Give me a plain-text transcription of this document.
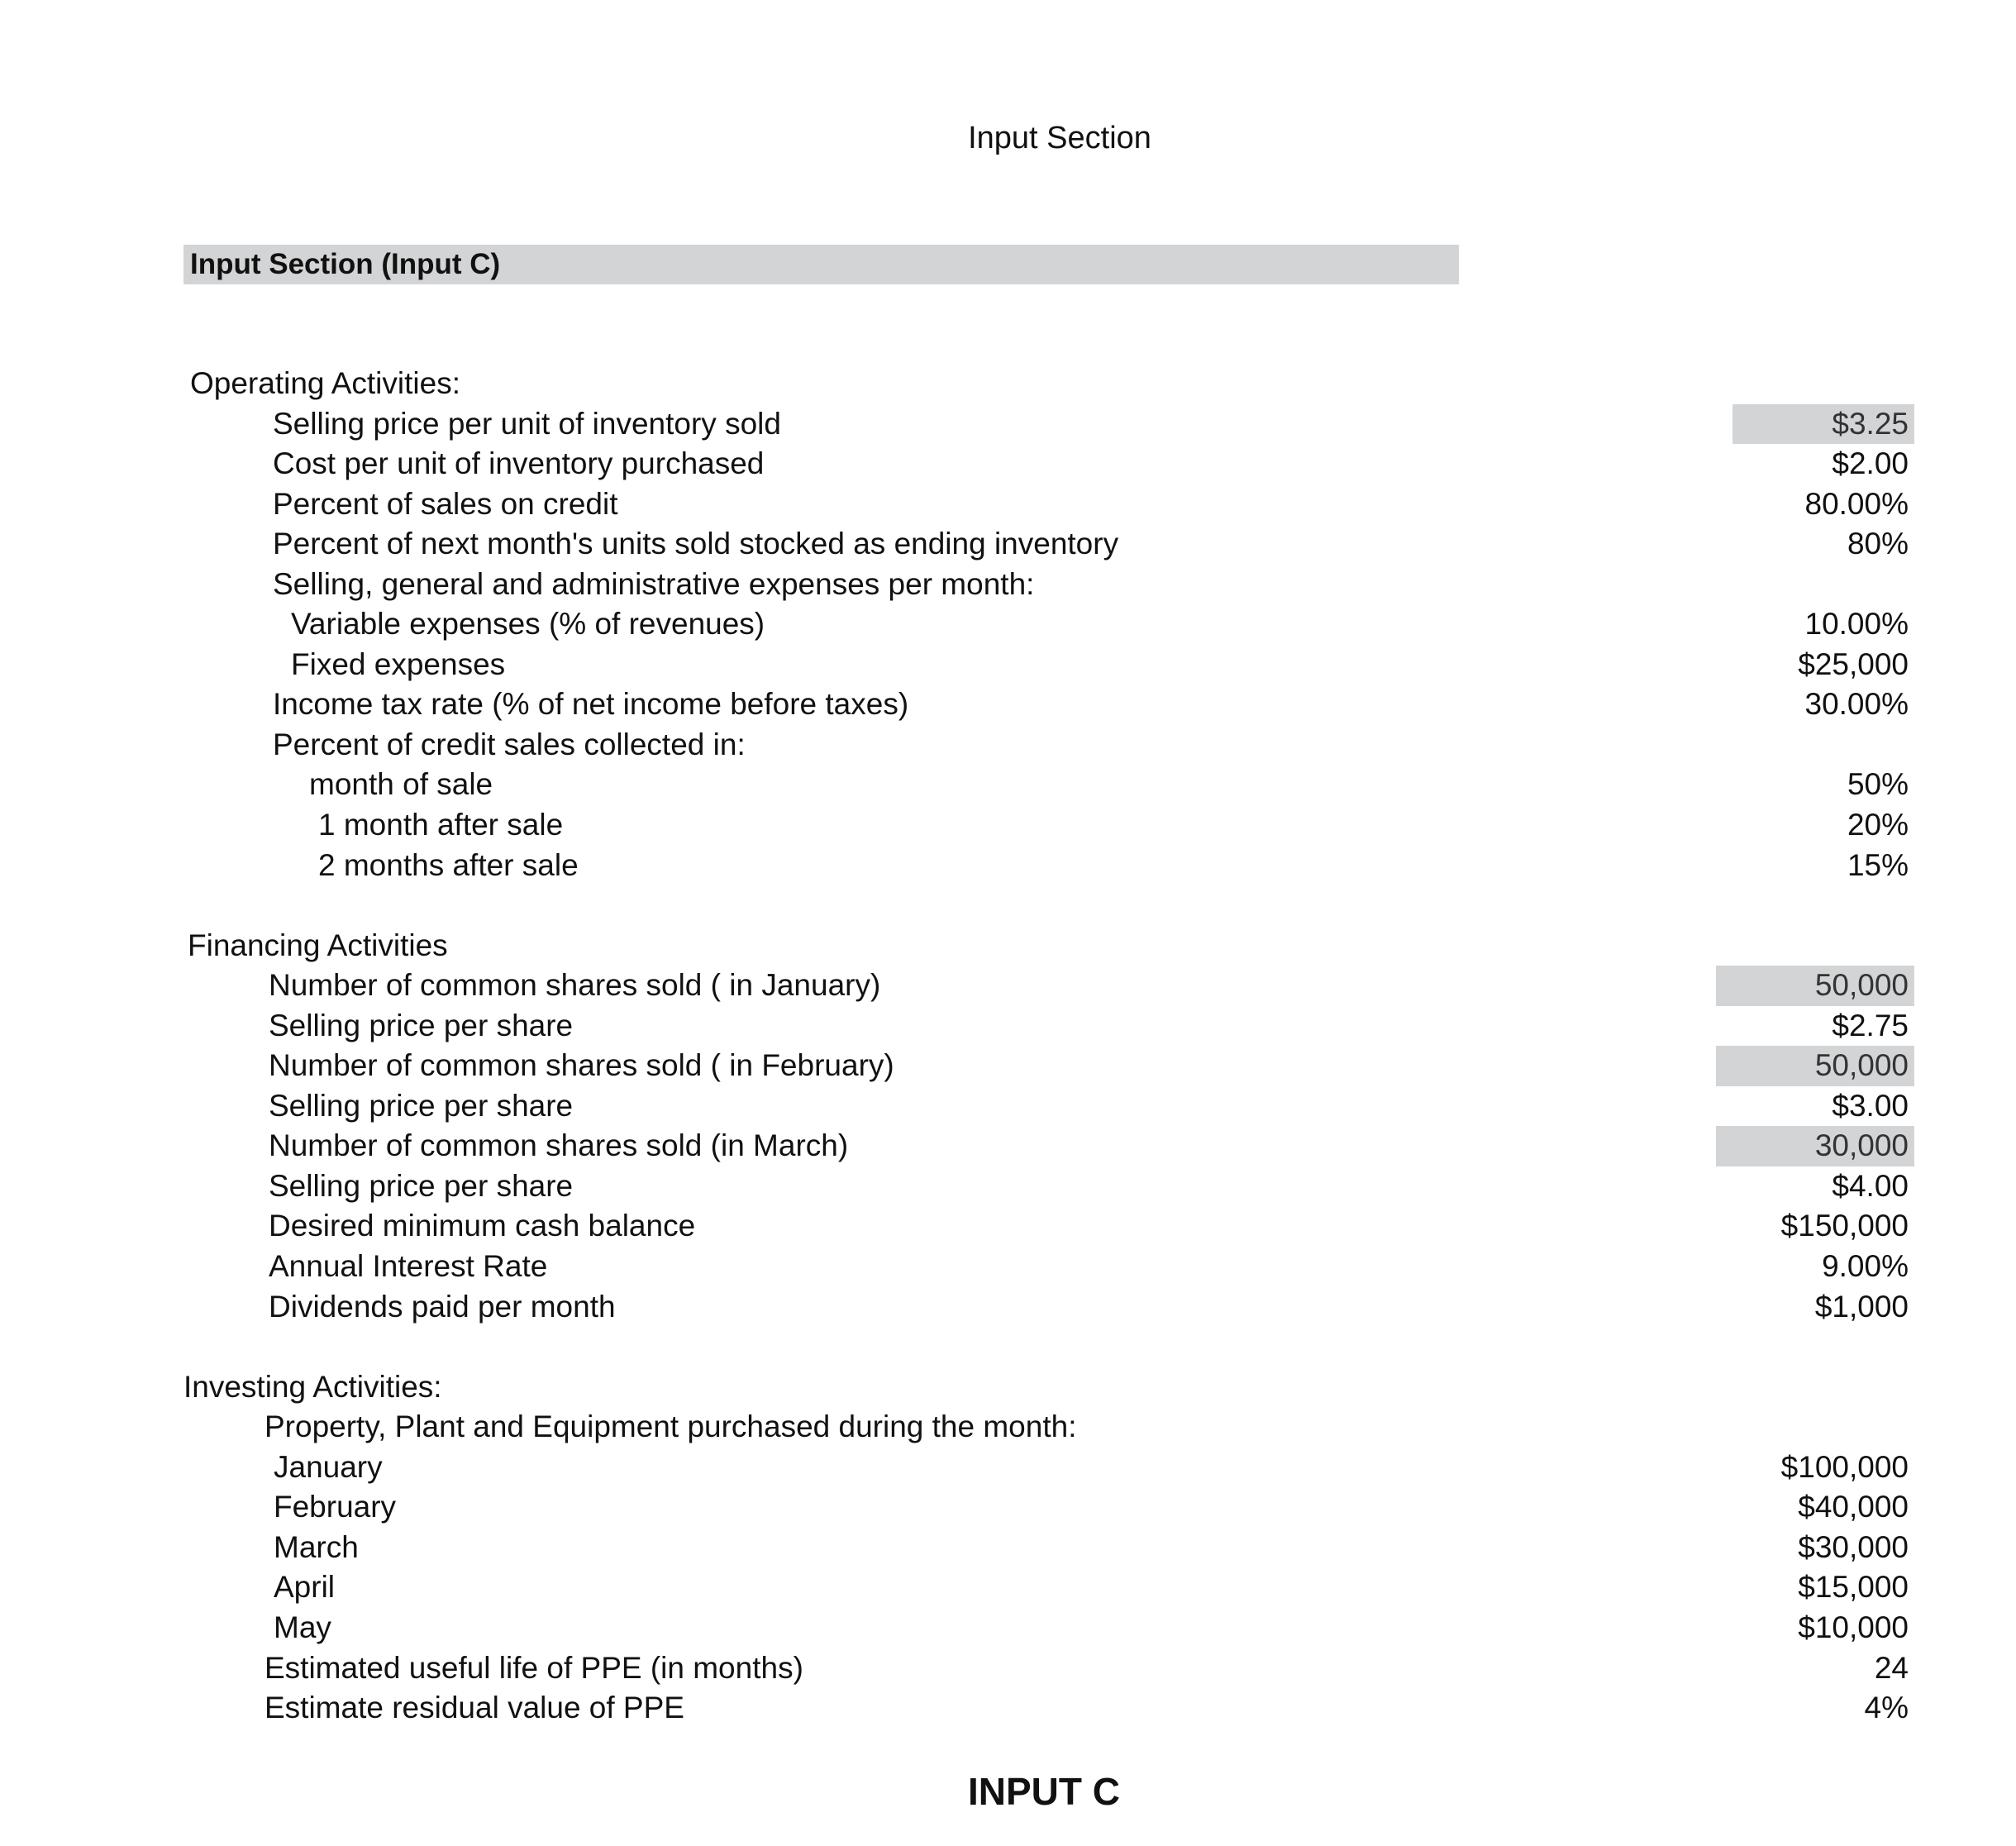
Input Section
Input Section (Input C)
Operating Activities:
Selling price per unit of inventory sold	$3.25
Cost per unit of inventory purchased	$2.00
Percent of sales on credit	80.00%
Percent of next month's units sold stocked as ending inventory	80%
Selling, general and administrative expenses per month:
Variable expenses (% of revenues)	10.00%
Fixed expenses	$25,000
Income tax rate (% of net income before taxes)	30.00%
Percent of credit sales collected in:
month of sale	50%
1 month after sale	20%
2 months after sale	15%
Financing Activities
Number of common shares sold ( in January)	50,000
Selling price per share	$2.75
Number of common shares sold ( in February)	50,000
Selling price per share	$3.00
Number of common shares sold (in March)	30,000
Selling price per share	$4.00
Desired minimum cash balance	$150,000
Annual Interest Rate	9.00%
Dividends paid per month	$1,000
Investing Activities:
Property, Plant and Equipment purchased during the month:
January	$100,000
February	$40,000
March	$30,000
April	$15,000
May	$10,000
Estimated useful life of PPE (in months)	24
Estimate residual value of PPE	4%
INPUT C
